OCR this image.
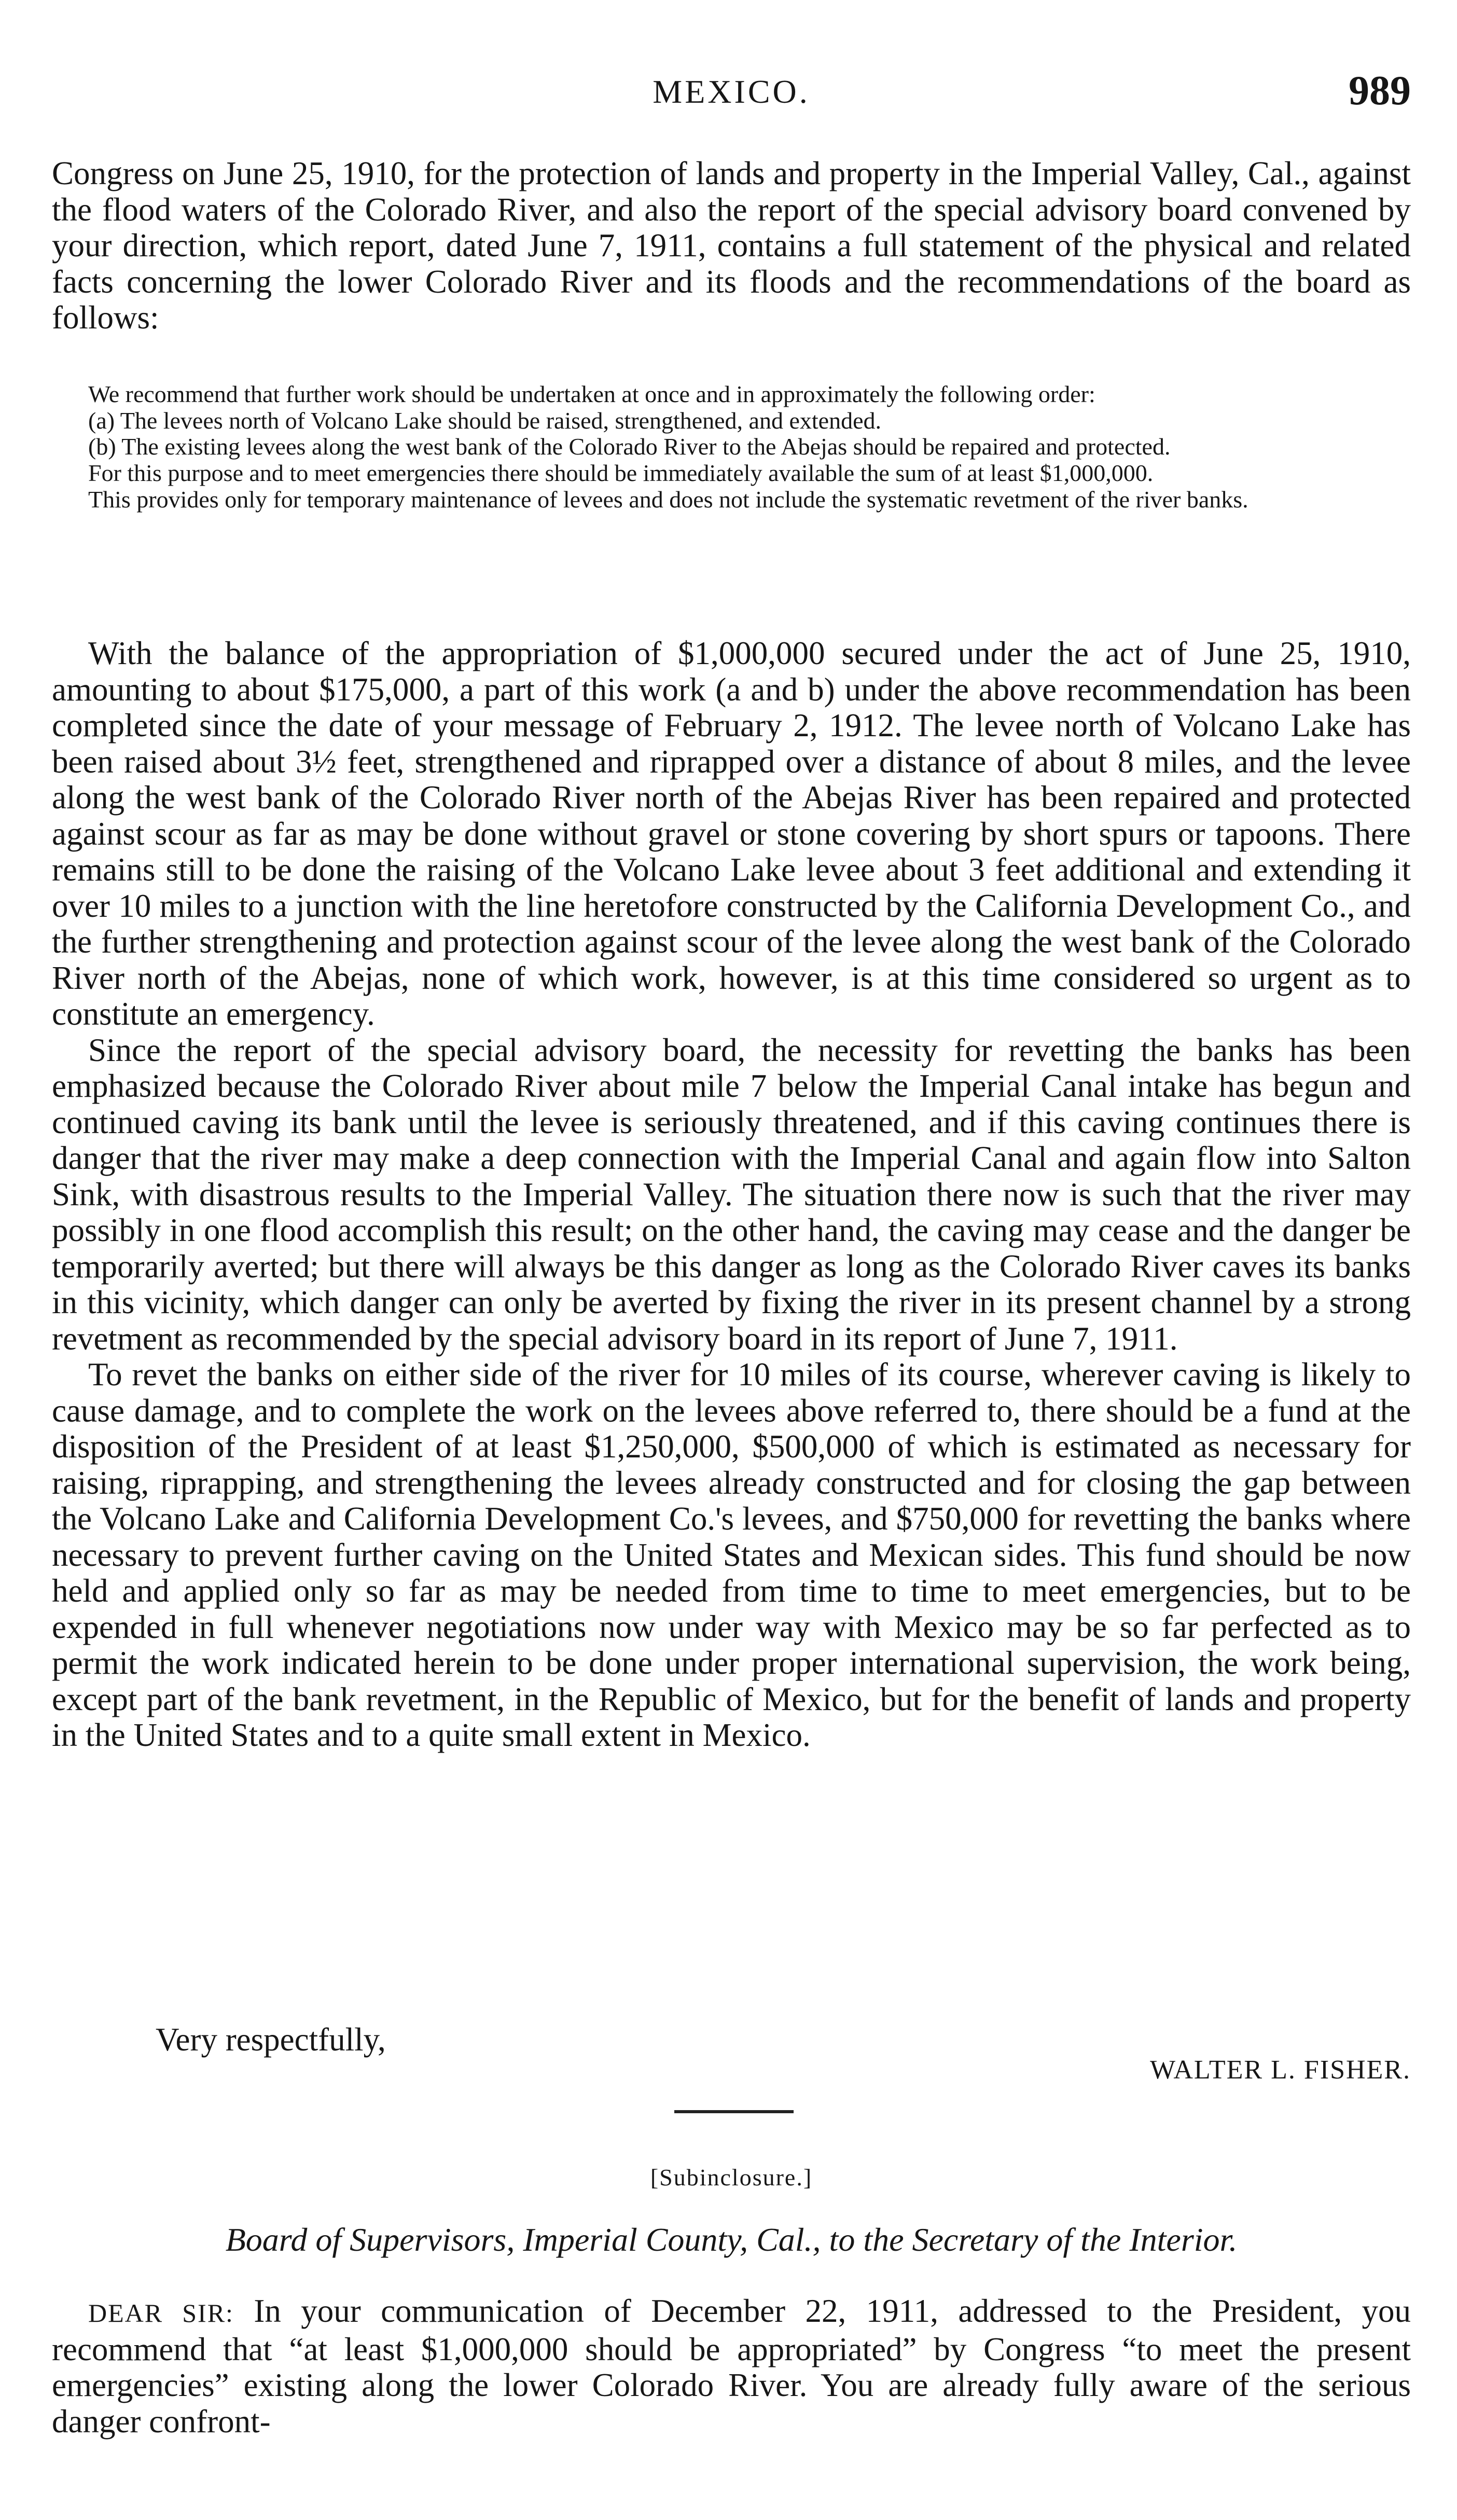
MEXICO.	989

Congress on June 25, 1910, for the protection of lands and property in the Imperial Valley, Cal., against the flood waters of the Colorado River, and also the report of the special advisory board convened by your direction, which report, dated June 7, 1911, contains a full statement of the physical and related facts concerning the lower Colorado River and its floods and the recommendations of the board as follows:

We recommend that further work should be undertaken at once and in approximately the following order:

(a) The levees north of Volcano Lake should be raised, strengthened, and extended.

(b) The existing levees along the west bank of the Colorado River to the Abejas should be repaired and protected.

For this purpose and to meet emergencies there should be immediately available the sum of at least $1,000,000.

This provides only for temporary maintenance of levees and does not include the systematic revetment of the river banks.

With the balance of the appropriation of $1,000,000 secured under the act of June 25, 1910, amounting to about $175,000, a part of this work (a and b) under the above recommendation has been completed since the date of your message of February 2, 1912. The levee north of Volcano Lake has been raised about 3½ feet, strengthened and riprapped over a distance of about 8 miles, and the levee along the west bank of the Colorado River north of the Abejas River has been repaired and protected against scour as far as may be done without gravel or stone covering by short spurs or tapoons. There remains still to be done the raising of the Volcano Lake levee about 3 feet additional and extending it over 10 miles to a junction with the line heretofore constructed by the California Development Co., and the further strengthening and protection against scour of the levee along the west bank of the Colorado River north of the Abejas, none of which work, however, is at this time considered so urgent as to constitute an emergency.

Since the report of the special advisory board, the necessity for revetting the banks has been emphasized because the Colorado River about mile 7 below the Imperial Canal intake has begun and continued caving its bank until the levee is seriously threatened, and if this caving continues there is danger that the river may make a deep connection with the Imperial Canal and again flow into Salton Sink, with disastrous results to the Imperial Valley. The situation there now is such that the river may possibly in one flood accomplish this result; on the other hand, the caving may cease and the danger be temporarily averted; but there will always be this danger as long as the Colorado River caves its banks in this vicinity, which danger can only be averted by fixing the river in its present channel by a strong revetment as recommended by the special advisory board in its report of June 7, 1911.

To revet the banks on either side of the river for 10 miles of its course, wherever caving is likely to cause damage, and to complete the work on the levees above referred to, there should be a fund at the disposition of the President of at least $1,250,000, $500,000 of which is estimated as necessary for raising, riprapping, and strengthening the levees already constructed and for closing the gap between the Volcano Lake and California Development Co.'s levees, and $750,000 for revetting the banks where necessary to prevent further caving on the United States and Mexican sides. This fund should be now held and applied only so far as may be needed from time to time to meet emergencies, but to be expended in full whenever negotiations now under way with Mexico may be so far perfected as to permit the work indicated herein to be done under proper international supervision, the work being, except part of the bank revetment, in the Republic of Mexico, but for the benefit of lands and property in the United States and to a quite small extent in Mexico.

Very respectfully,
WALTER L. FISHER.
[Subinclosure.]
Board of Supervisors, Imperial County, Cal., to the Secretary of the Interior.

DEAR SIR: In your communication of December 22, 1911, addressed to the President, you recommend that “at least $1,000,000 should be appropriated” by Congress “to meet the present emergencies” existing along the lower Colorado River. You are already fully aware of the serious danger confront-
